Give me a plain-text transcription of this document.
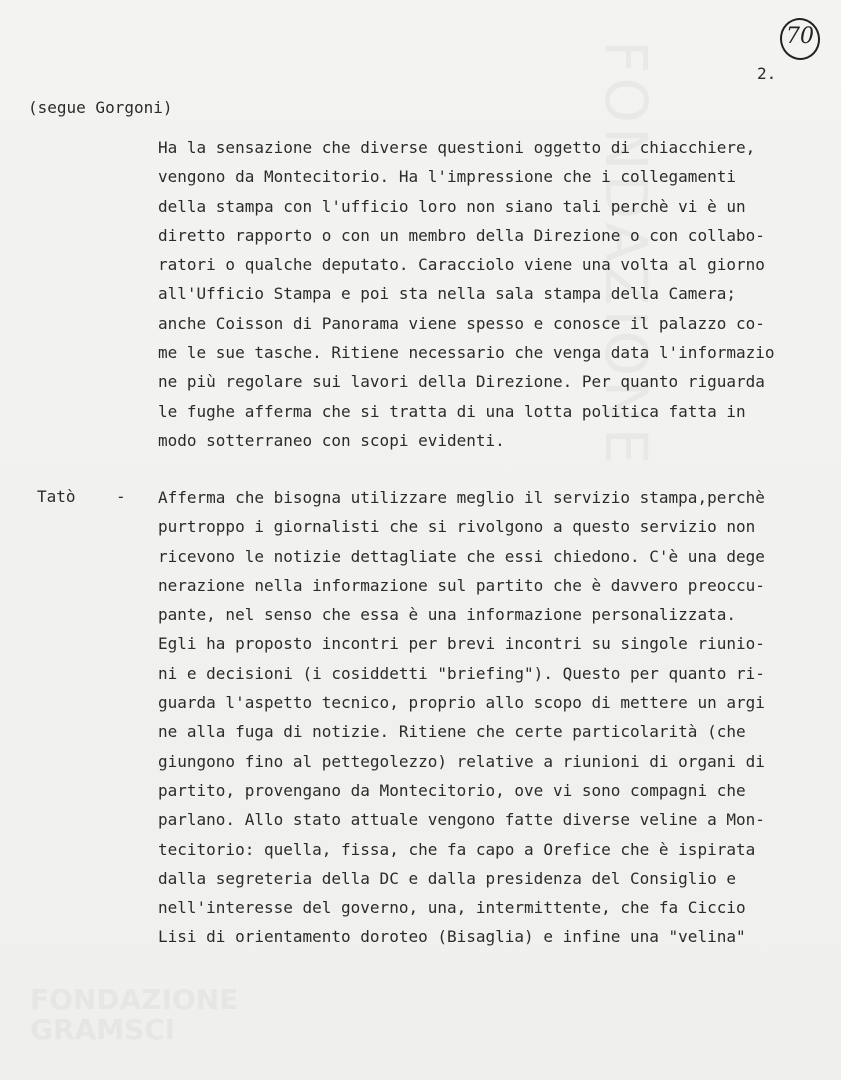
FONDAZIONE
FONDAZIONE
GRAMSCI
70
2.
(segue Gorgoni)
Ha la sensazione che diverse questioni oggetto di chiacchiere,
vengono da Montecitorio. Ha l'impressione che i collegamenti
della stampa con l'ufficio loro non siano tali perchè vi è un
diretto rapporto o con un membro della Direzione o con collabo-
ratori o qualche deputato. Caracciolo viene una volta al giorno
all'Ufficio Stampa e poi sta nella sala stampa della Camera;
anche Coisson di Panorama viene spesso e conosce il palazzo co-
me le sue tasche. Ritiene necessario che venga data l'informazio
ne più regolare sui lavori della Direzione. Per quanto riguarda
le fughe afferma che si tratta di una lotta politica fatta in
modo sotterraneo con scopi evidenti.
Tatò	- Afferma che bisogna utilizzare meglio il servizio stampa,perchè
purtroppo i giornalisti che si rivolgono a questo servizio non
ricevono le notizie dettagliate che essi chiedono. C'è una dege
nerazione nella informazione sul partito che è davvero preoccu-
pante, nel senso che essa è una informazione personalizzata.
Egli ha proposto incontri per brevi incontri su singole riunio-
ni e decisioni (i cosiddetti "briefing"). Questo per quanto ri-
guarda l'aspetto tecnico, proprio allo scopo di mettere un argi
ne alla fuga di notizie. Ritiene che certe particolarità (che
giungono fino al pettegolezzo) relative a riunioni di organi di
partito, provengano da Montecitorio, ove vi sono compagni che
parlano. Allo stato attuale vengono fatte diverse veline a Mon-
tecitorio: quella, fissa, che fa capo a Orefice che è ispirata
dalla segreteria della DC e dalla presidenza del Consiglio e
nell'interesse del governo, una, intermittente, che fa Ciccio
Lisi di orientamento doroteo (Bisaglia) e infine una "velina"
